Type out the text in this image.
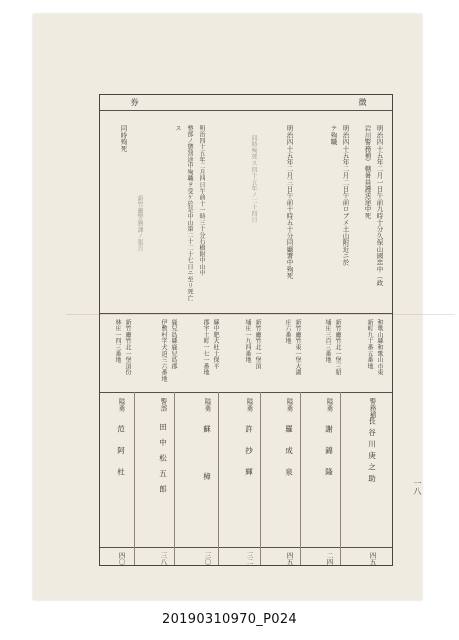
徴
券
明治四十五年二月一日午前九時十分久保山國忠中（政
岩川警務補）轄暑員護送途中死
明治四十五年二月二日午前ロブメ土山附近ニ於
テ殉職
明治四十五年二月三日午前十時五十分同廳署中殉死
明治四十五年二月四日午前十一時三十分石橋附中山中
整部ノ懲罰途中殉職ヲ受ケ於是中山第二十二十七日ニ至リ死亡
ス
同時殉死	同時殉死ス四十五年ノ二十四日
新竹廳警務課ノ報告
和歌山縣和歌山市東
新町九十番五番地
新竹廳竹北一堡三貂
埔庄三百三番地
新竹廳竹東一堡大湖
庄六番地
新竹廳竹北一堡頂
埔庄一九四番地
縣中肥大杜土保平
郡宇土町一七一番地
鹿兒島縣鹿兒島郡
伊敷村字犬迫三六番地
新竹廳竹北一堡頂份
林庄一四三番地
警務補
長谷川庚之助
四五
隘勇
謝錦隆
二四
隘勇
羅成泉
四五
隘勇
許抄輝
三二
隘勇
蘇樟
三〇
警部
田中松五郎
三八
隘勇
范阿杜
四〇
一八
20190310970_P024
